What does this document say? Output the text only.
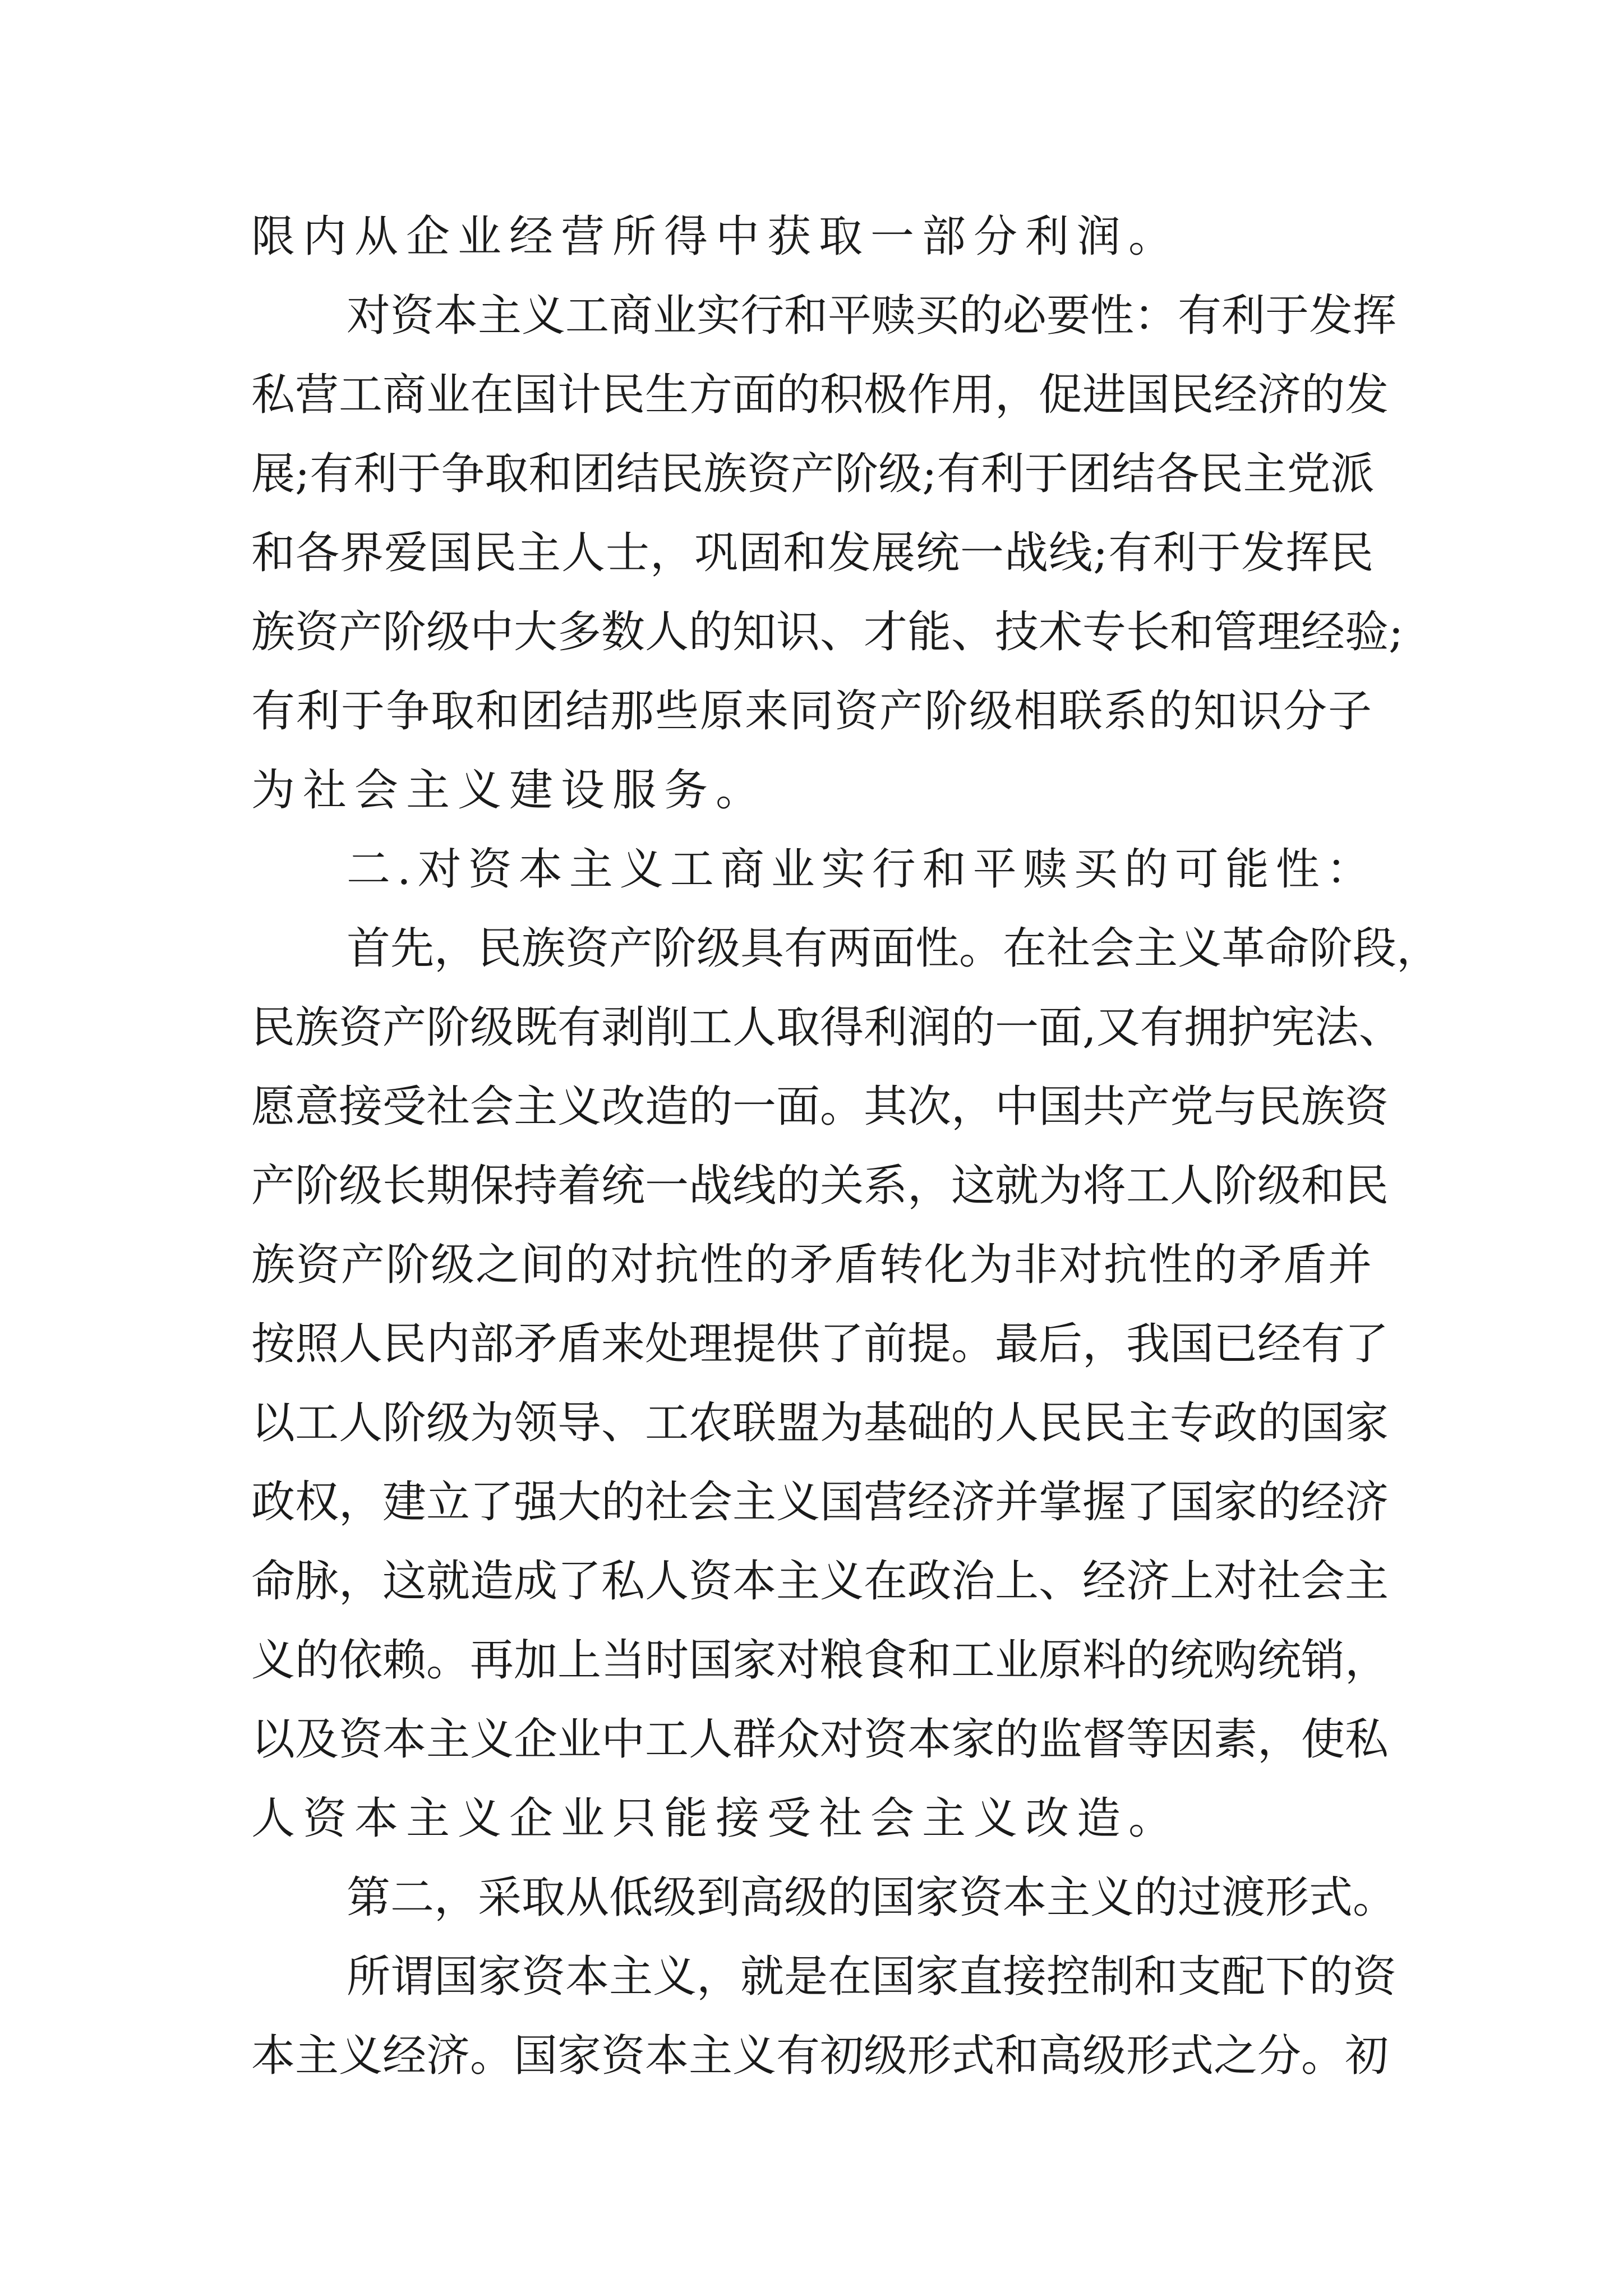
限内从企业经营所得中获取一部分利润。
对资本主义工商业实行和平赎买的必要性：有利于发挥
私营工商业在国计民生方面的积极作用，促进国民经济的发
展;有利于争取和团结民族资产阶级;有利于团结各民主党派
和各界爱国民主人士，巩固和发展统一战线;有利于发挥民
族资产阶级中大多数人的知识、才能、技术专长和管理经验;
有利于争取和团结那些原来同资产阶级相联系的知识分子
为社会主义建设服务。
二.对资本主义工商业实行和平赎买的可能性：
首先，民族资产阶级具有两面性。在社会主义革命阶段，
民族资产阶级既有剥削工人取得利润的一面,又有拥护宪法、
愿意接受社会主义改造的一面。其次，中国共产党与民族资
产阶级长期保持着统一战线的关系，这就为将工人阶级和民
族资产阶级之间的对抗性的矛盾转化为非对抗性的矛盾并
按照人民内部矛盾来处理提供了前提。最后，我国已经有了
以工人阶级为领导、工农联盟为基础的人民民主专政的国家
政权，建立了强大的社会主义国营经济并掌握了国家的经济
命脉，这就造成了私人资本主义在政治上、经济上对社会主
义的依赖。再加上当时国家对粮食和工业原料的统购统销，
以及资本主义企业中工人群众对资本家的监督等因素，使私
人资本主义企业只能接受社会主义改造。
第二，采取从低级到高级的国家资本主义的过渡形式。
所谓国家资本主义，就是在国家直接控制和支配下的资
本主义经济。国家资本主义有初级形式和高级形式之分。初
